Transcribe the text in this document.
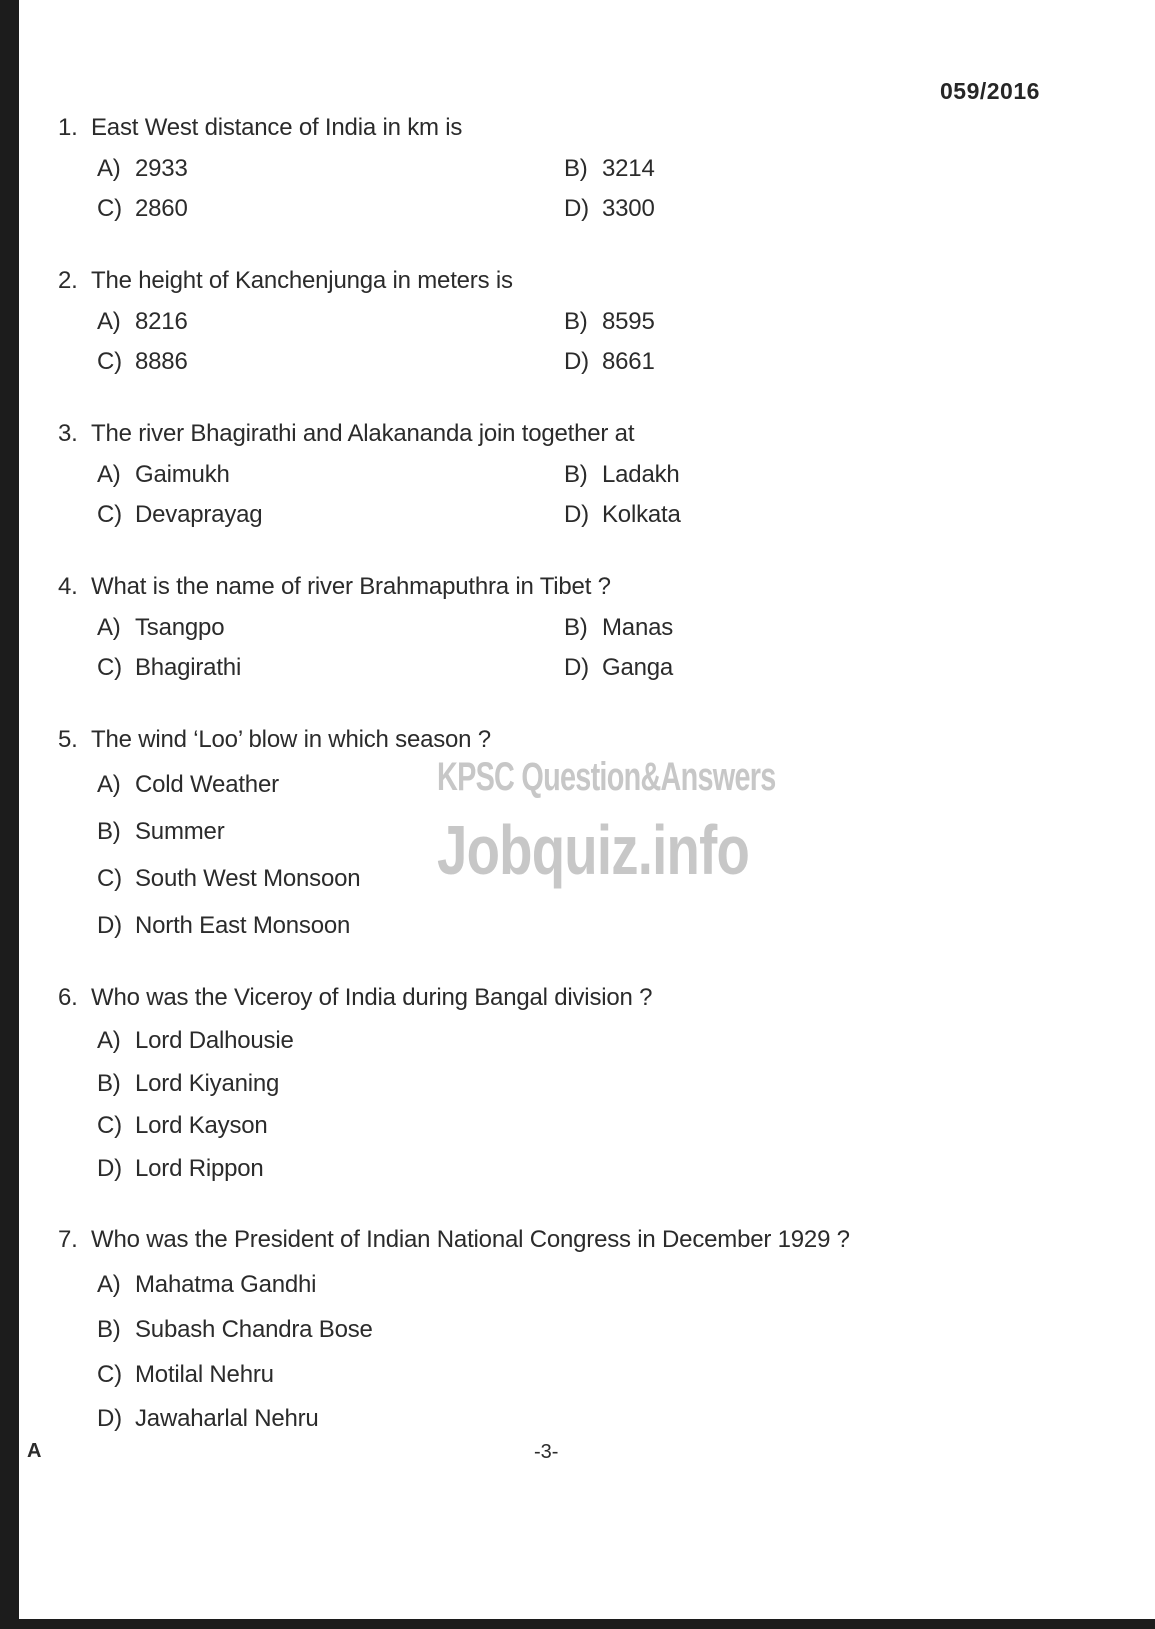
059/2016
KPSC Question&Answers
Jobquiz.info
1. East West distance of India in km is
A) 2933	B) 3214
C) 2860	D) 3300
2. The height of Kanchenjunga in meters is
A) 8216	B) 8595
C) 8886	D) 8661
3. The river Bhagirathi and Alakananda join together at
A) Gaimukh	B) Ladakh
C) Devaprayag	D) Kolkata
4. What is the name of river Brahmaputhra in Tibet ?
A) Tsangpo	B) Manas
C) Bhagirathi	D) Ganga
5. The wind ‘Loo’ blow in which season ?
A) Cold Weather
B) Summer
C) South West Monsoon
D) North East Monsoon
6. Who was the Viceroy of India during Bangal division ?
A) Lord Dalhousie
B) Lord Kiyaning
C) Lord Kayson
D) Lord Rippon
7. Who was the President of Indian National Congress in December 1929 ?
A) Mahatma Gandhi
B) Subash Chandra Bose
C) Motilal Nehru
D) Jawaharlal Nehru
A	-3-
